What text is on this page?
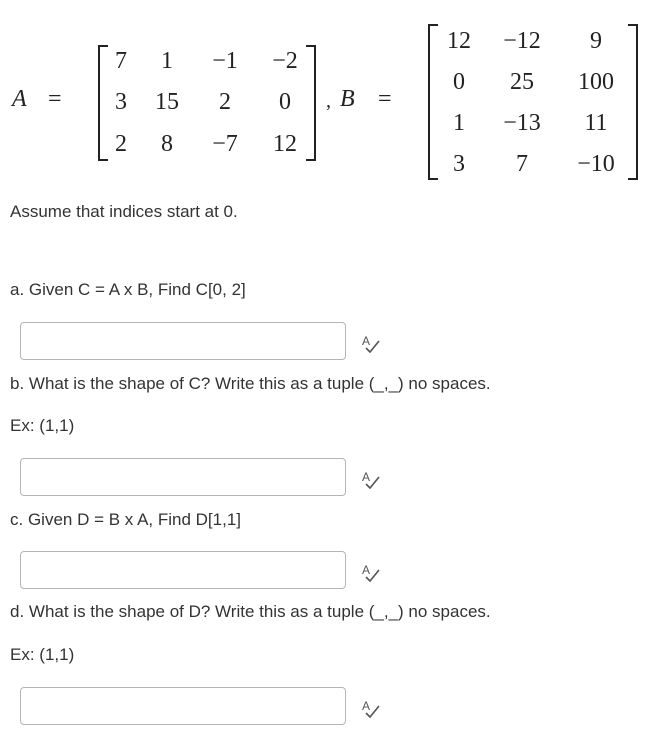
A =
7	1	−1	−2
3	15	2	0
2	8	−7	12
, B =
12	−12	9
0	25	100
1	−13	11
3	7	−10
Assume that indices start at 0.
a. Given C = A x B, Find C[0, 2]
A
b. What is the shape of C? Write this as a tuple (_,_) no spaces.
Ex: (1,1)
A
c. Given D = B x A, Find D[1,1]
A
d. What is the shape of D? Write this as a tuple (_,_) no spaces.
Ex: (1,1)
A
